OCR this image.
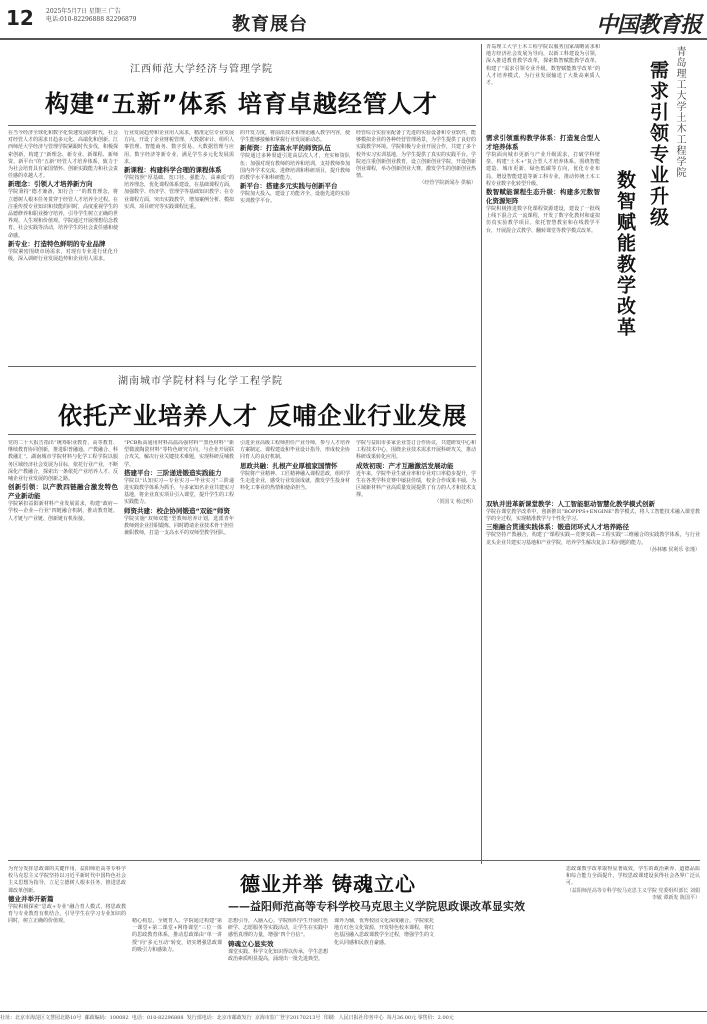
12 2025年5月7日 星期三 广告
电话:010-82296888 82296879	教育展台	中国教育报
江西师范大学经济与管理学院
构建“五新”体系 培育卓越经管人才

在当今经济全球化和数字化快速发展的时代，社会对经管人才的需求日趋多元化、高端化和创新。江西师范大学经济与管理学院紧跟时代步伐，积极探索创新，构建了“新理念、新专业、新课程、新师资、新平台”的“五新”经管人才培养体系，致力于为社会培育具有家国情怀、创新实践能力和社会责任感的卓越人才。

新理念：引领人才培养新方向

学院秉持“德才兼备，知行合一”的教育理念，将立德树人根本任务贯穿于经管人才培养全过程。在注重传授专业知识和技能的同时，高度重视学生的品德修养和职业操守培养，引导学生树立正确的世界观、人生观和价值观。学院通过开展理想信念教育、社会实践等活动，培养学生的社会责任感和使命感。

新专业：打造特色鲜明的专业品牌

学院紧密围绕市场需求，对现有专业进行优化升级，深入调研行业发展趋势和企业用人需求。

行业发展趋势和企业用人需求，精准定位专业发展方向。开设了企业财税管理、大数据审计、组织人事管理、智能商务、数字贸易、大数据管理与应用、数字经济等新专业，满足学生多元化发展需求。

新课程：构建科学合理的课程体系

学院按照“厚基础、宽口径、强能力、高素质”的培养理念，优化课程体系建设。在基础课程方面，加强数学、经济学、管理学等基础知识教学；在专业课程方面，突出实践教学，增加案例分析、模拟实训、项目研究等实践课程比重。

的开发力度，将前沿技术和理论融入教学内容，使学生能够接触和掌握行业发展新动态。

新师资：打造高水平的师资队伍

学院通过多种渠道引进高层次人才，充实师资队伍；加强对现有教师的培养和培训，支持教师参加国内外学术交流、进修培训和科研项目，提升教师的教学水平和科研能力。

新平台：搭建多元实践与创新平台

学院加大投入，建设了功能齐全、设施先进的实验实训教学平台。

经管综合实验室配备了先进的实验设备和专业软件，能够模拟企业的各种经营管理场景，为学生提供了良好的实践教学环境。学院积极与企业开展合作，共建了多个校外实习实训基地，为学生提供了真实的实践平台。学院还注重创新创业教育，设立创新创业学院，开设创新创业课程，举办创新创业大赛，激发学生的创新创业热情。

（经管学院新闻办 供稿）

青岛理工大学土木工程学院
需求引领专业升级
数智赋能教学改革

青岛理工大学土木工程学院以服务国家战略需求和地方经济社会发展为导向，以新工科建设为引领，深入推进教育教学改革，探索数智赋能教学改革，构建了“需求引领专业升级、数智赋能教学改革”的人才培养模式，为行业发展输送了大批高素质人才。

需求引领重构教学体系：打造复合型人才培养体系

学院面向城市更新与产业升级需求，打破学科壁垒，构建“土木+”复合型人才培养体系。围绕智能建造、城市更新、绿色低碳等方向，优化专业布局，增设智能建造等新工科专业，推动传统土木工程专业数字化转型升级。

数智赋能课程生态升级：构建多元数智化资源矩阵

学院积极推进数字化课程资源建设，建设了一批线上线下混合式一流课程，开发了数字化教材和虚拟仿真实验教学项目。依托智慧教室和在线教学平台，开展混合式教学、翻转课堂等教学模式改革。

双轨并进革新课堂教学：人工智能驱动智慧化教学模式创新

学院在课堂教学改革中，创新推出“BOPPPS+ENGINE”教学模式，将人工智能技术融入课堂教学的全过程，实现精准教学与个性化学习。

三维融合贯通实践体系：锻造闭环式人才培养路径

学院坚持产教融合，构建了“课程实践—竞赛实践—工程实践”三维融合的实践教学体系，与行业龙头企业共建实习基地和产业学院，培养学生解决复杂工程问题的能力。

（孙林娜 侯利乐 张瑾）

湖南城市学院材料与化学工程学院
依托产业培养人才 反哺企业行业发展

党的二十大报告指出“统筹职业教育、高等教育、继续教育协同创新，推进职普融通、产教融合、科教融汇”。湖南城市学院材料与化学工程学院以服务区域经济社会发展为目标，依托行业产业，不断深化产教融合，探索出一条依托产业培养人才、反哺企业行业发展的创新之路。

创新引领：以产教四链融合激发特色产业新动能

学院紧扣益阳新材料产业发展需求，构建“政府—学校—企业—行业”四链融合机制，推动教育链、人才链与产业链、创新链有机衔接。

“PCB板高通用材料高温高强材料”“黑色材料”“新型微波陶瓷材料”等特色研究方向，与企业开展联合攻关，解决行业关键技术难题，实现科研反哺教学。

搭建平台：三阶递进锻造实践能力

学院以“认知实习—专业实习—毕业实习”三阶递进实践教学体系为抓手，与多家知名企业共建实习基地，将企业真实项目引入课堂，提升学生的工程实践能力。

师资共建：校企协同锻造“双能”师资

学院实施“双师双能”型教师培养计划，选派青年教师到企业挂职锻炼，同时聘请企业技术骨干担任兼职教师，打造一支高水平的双师型教学团队。

引进企业高级工程师担任产业导师，参与人才培养方案制定、课程建设和毕业设计指导，形成校企协同育人的良好机制。

思政共融：扎根产业厚植家国情怀

学院将产业精神、工匠精神融入课程思政，组织学生走进企业，感受行业发展成就，激发学生投身材料化工事业的热情和使命担当。

学院与益阳市多家企业签订合作协议，共建研发中心和工程技术中心，围绕企业技术需求开展科研攻关，推动科研成果转化应用。

成效初现：产才互融激活发展动能

近年来，学院毕业生就业率和专业对口率稳步提升，学生在各类学科竞赛中屡获佳绩，校企合作成果丰硕，为区域新材料产业高质量发展提供了有力的人才和技术支撑。

（贺国文 杨迁明）

德业并举 铸魂立心
——益阳师范高等专科学校马克思主义学院思政课改革显实效

为充分发挥思政课的关键作用，益阳师范高等专科学校马克思主义学院坚持以习近平新时代中国特色社会主义思想为指导，立足立德树人根本任务，推进思政课改革创新。

德业并举开新篇

学院积极探索“思政+专业”融合育人模式，将思政教育与专业教育有机结合，引导学生在学习专业知识的同时，树立正确的价值观。	精心构思，全链育人。学院通过构建“第一课堂+第二课堂+网络课堂”三位一体的思政教育体系，推动思政课由“单一讲授”向“多元互动”转变，切实增强思政课的吸引力和感染力。

思想引导，入脑入心。学院组织学生开展红色研学、志愿服务等实践活动，让学生在实践中感悟真理的力量，增强“四个自信”。

铸魂立心显实效

课堂实践、科学文化知识得以传承，学生思想政治素质明显提高，涌现出一批先进典型。

课外为辅，优秀校园文化深度融合。学院依托地方红色文化资源，开发特色校本课程，将红色基因融入思政课教学全过程，增强学生的文化认同感和民族自豪感。

思政课教学改革取得显著成效，学生的政治素养、道德品质和综合能力全面提升，学校思政课建设获得社会各界广泛认可。

（益阳师范高等专科学校马克思主义学院 党委组织部长 刘娟 李敏 谭新发 陈国平）

社址：北京市海淀区文慧园北路10号 邮政编码：100082 电话：010-82296888 发行部电话：北京市邮政发行 京海市监广登字20170213号 印刷：人民日报社印务中心 每月36.00元 零售价：2.00元
